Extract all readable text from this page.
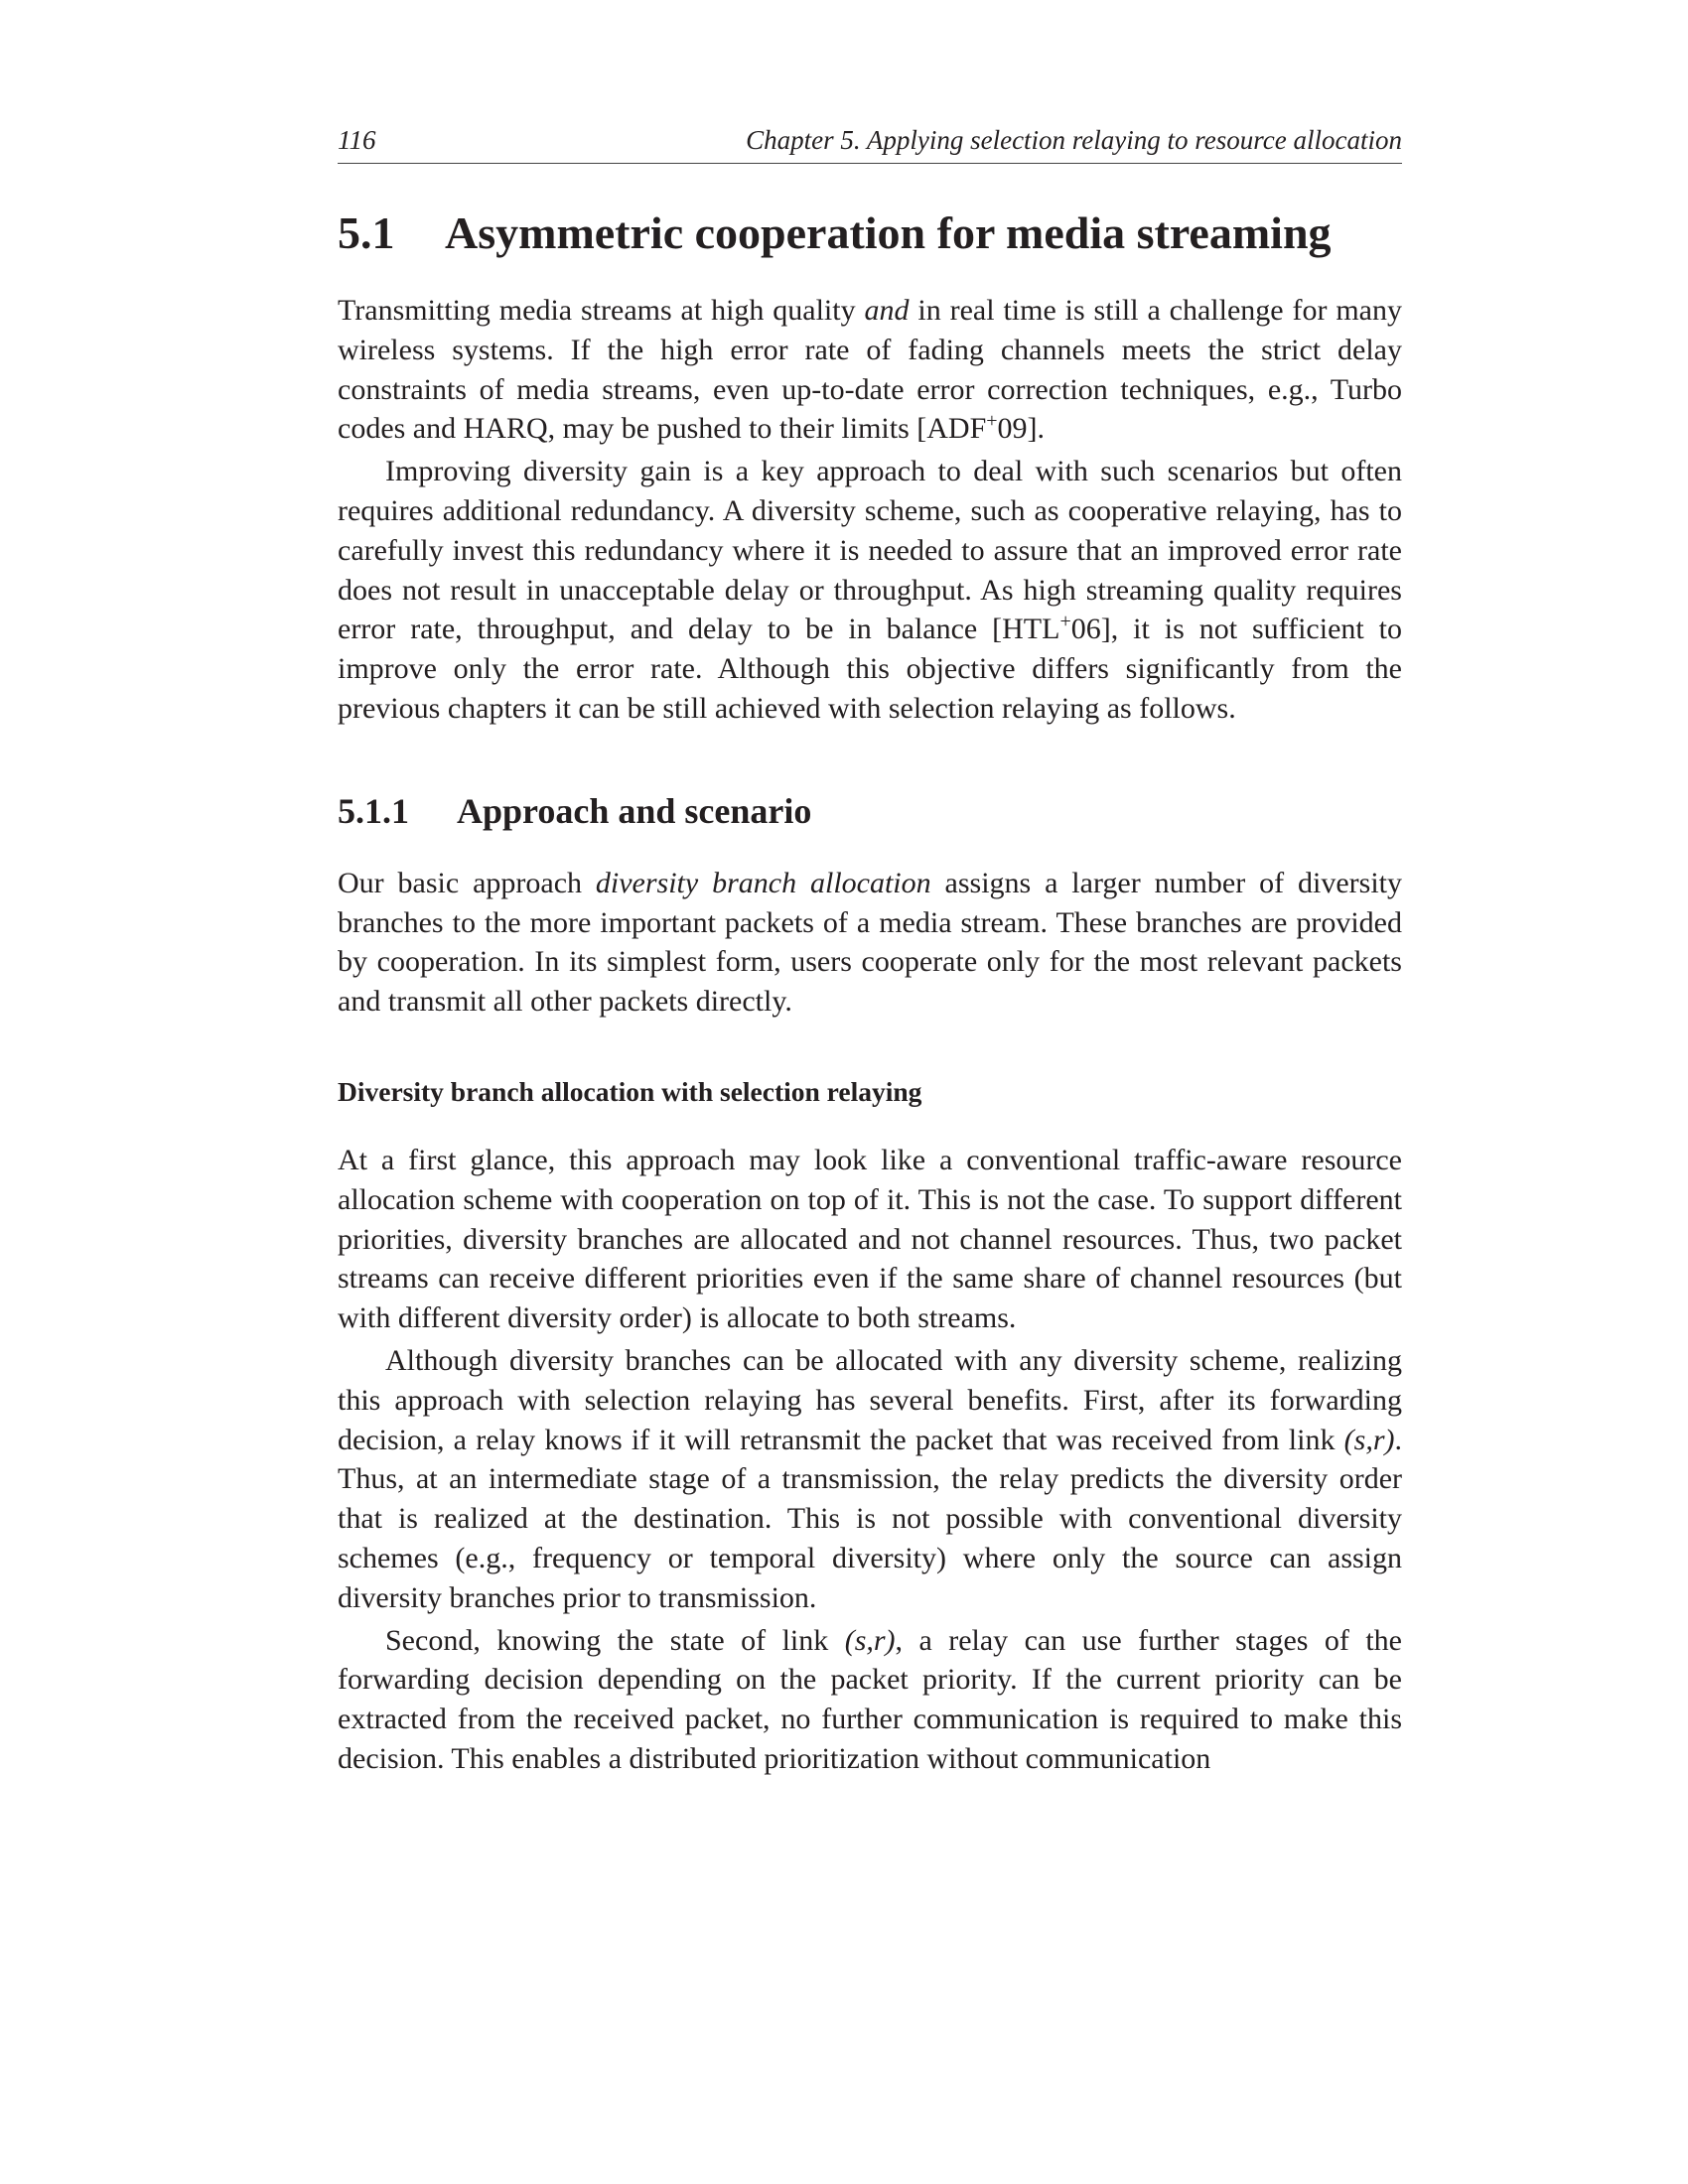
116	Chapter 5. Applying selection relaying to resource allocation
5.1 Asymmetric cooperation for media streaming

Transmitting media streams at high quality and in real time is still a challenge for many wireless systems. If the high error rate of fading channels meets the strict delay constraints of media streams, even up-to-date error correction techniques, e.g., Turbo codes and HARQ, may be pushed to their limits [ADF+09].

Improving diversity gain is a key approach to deal with such scenarios but often requires additional redundancy. A diversity scheme, such as cooperative relaying, has to carefully invest this redundancy where it is needed to assure that an improved error rate does not result in unacceptable delay or throughput. As high streaming quality requires error rate, throughput, and delay to be in balance [HTL+06], it is not sufficient to improve only the error rate. Although this objective differs significantly from the previous chapters it can be still achieved with selection relaying as follows.

5.1.1 Approach and scenario

Our basic approach diversity branch allocation assigns a larger number of diversity branches to the more important packets of a media stream. These branches are provided by cooperation. In its simplest form, users cooperate only for the most relevant packets and transmit all other packets directly.

Diversity branch allocation with selection relaying

At a first glance, this approach may look like a conventional traffic-aware resource allocation scheme with cooperation on top of it. This is not the case. To support different priorities, diversity branches are allocated and not channel resources. Thus, two packet streams can receive different priorities even if the same share of channel resources (but with different diversity order) is allocate to both streams.

Although diversity branches can be allocated with any diversity scheme, realizing this approach with selection relaying has several benefits. First, after its forwarding decision, a relay knows if it will retransmit the packet that was received from link (s,r). Thus, at an intermediate stage of a transmission, the relay predicts the diversity order that is realized at the destination. This is not possible with conventional diversity schemes (e.g., frequency or temporal diversity) where only the source can assign diversity branches prior to transmission.

Second, knowing the state of link (s,r), a relay can use further stages of the forwarding decision depending on the packet priority. If the current priority can be extracted from the received packet, no further communication is required to make this decision. This enables a distributed prioritization without communication
